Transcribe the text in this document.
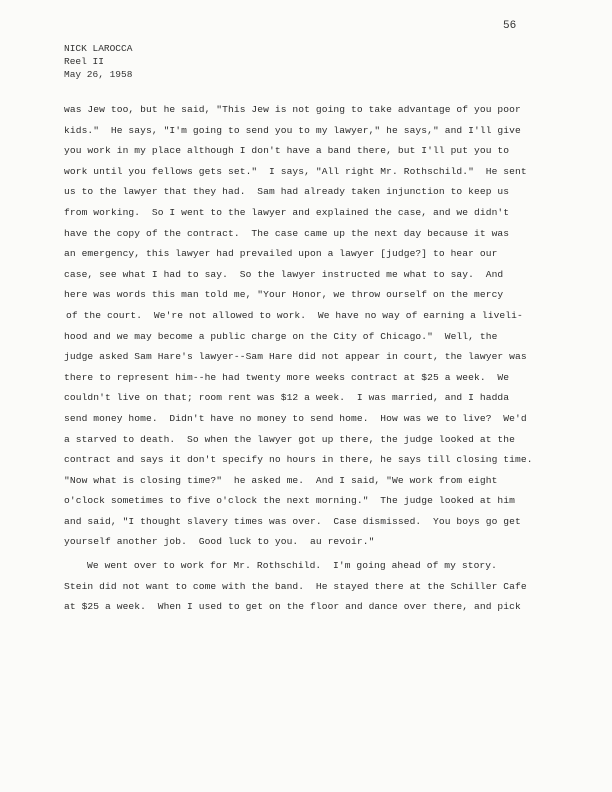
56
NICK LAROCCA
Reel II
May 26, 1958
was Jew too, but he said, "This Jew is not going to take advantage of you poor
kids."  He says, "I'm going to send you to my lawyer," he says," and I'll give
you work in my place although I don't have a band there, but I'll put you to
work until you fellows gets set."  I says, "All right Mr. Rothschild."  He sent
us to the lawyer that they had.  Sam had already taken injunction to keep us
from working.  So I went to the lawyer and explained the case, and we didn't
have the copy of the contract.  The case came up the next day because it was
an emergency, this lawyer had prevailed upon a lawyer [judge?] to hear our
case, see what I had to say.  So the lawyer instructed me what to say.  And
here was words this man told me, "Your Honor, we throw ourself on the mercy
of the court.  We're not allowed to work.  We have no way of earning a liveli-
hood and we may become a public charge on the City of Chicago."  Well, the
judge asked Sam Hare's lawyer--Sam Hare did not appear in court, the lawyer was
there to represent him--he had twenty more weeks contract at $25 a week.  We
couldn't live on that; room rent was $12 a week.  I was married, and I hadda
send money home.  Didn't have no money to send home.  How was we to live?  We'd
a starved to death.  So when the lawyer got up there, the judge looked at the
contract and says it don't specify no hours in there, he says till closing time.
"Now what is closing time?"  he asked me.  And I said, "We work from eight
o'clock sometimes to five o'clock the next morning."  The judge looked at him
and said, "I thought slavery times was over.  Case dismissed.  You boys go get
yourself another job.  Good luck to you.  au revoir."
We went over to work for Mr. Rothschild.  I'm going ahead of my story.
Stein did not want to come with the band.  He stayed there at the Schiller Cafe
at $25 a week.  When I used to get on the floor and dance over there, and pick
